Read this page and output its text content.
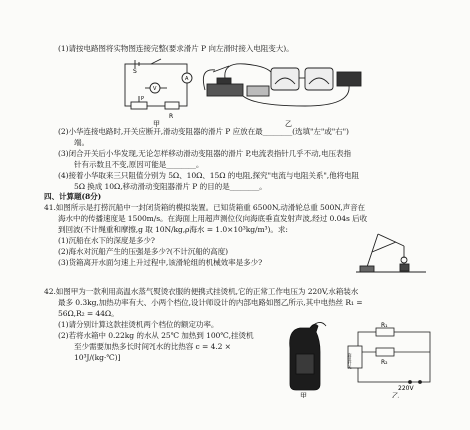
(1)请按电路图将实物图连接完整(要求滑片 P 向左滑时接入电阻变大)。
S
A
V
R
P
甲	乙
(2)小华连接电路时,开关应断开,滑动变阻器的滑片 P 应放在最________(选填"左"或"右")
端。
(3)闭合开关后小华发现,无论怎样移动滑动变阻器的滑片 P,电流表指针几乎不动,电压表指
针有示数且不变,原因可能是________。
(4)接着小华取来三只阻值分别为 5Ω、10Ω、15Ω 的电阻,探究"电流与电阻关系",他将电阻
5Ω 换成 10Ω,移动滑动变阻器滑片 P 的目的是________。
四、计算题(8分)
41.如图所示是打捞沉船中一封闭货箱的模拟装置。已知货箱重 6500N,动滑轮总重 500N,声音在
海水中的传播速度是 1500m/s。在海面上用超声测位仪向海底垂直发射声波,经过 0.04s 后收
到回波(不计绳重和摩擦,g 取 10N/kg,ρ海水 = 1.0×10³kg/m³)。求:
(1)沉船在水下的深度是多少?
(2)海水对沉船产生的压强是多少?(不计沉船的高度)
(3)货箱离开水面匀速上升过程中,该滑轮组的机械效率是多少?
42.如图甲为一款利用高温水蒸气熨烫衣服的便携式挂烫机,它的正常工作电压为 220V,水箱装水
最多 0.3kg,加热功率有大、小两个档位,设计师设计的内部电路如图乙所示,其中电热丝 R₁ =
56Ω,R₂ = 44Ω。
(1)请分别计算这款挂烫机两个档位的额定功率。
(2)若将水箱中 0.22kg 的水从 25℃ 加热到 100℃,挂烫机
至少需要加热多长时间?[水的比热容 c = 4.2 ×
10³J/(kg·℃)]
R₁
R₂
旋钮开关
220V
甲	乙
